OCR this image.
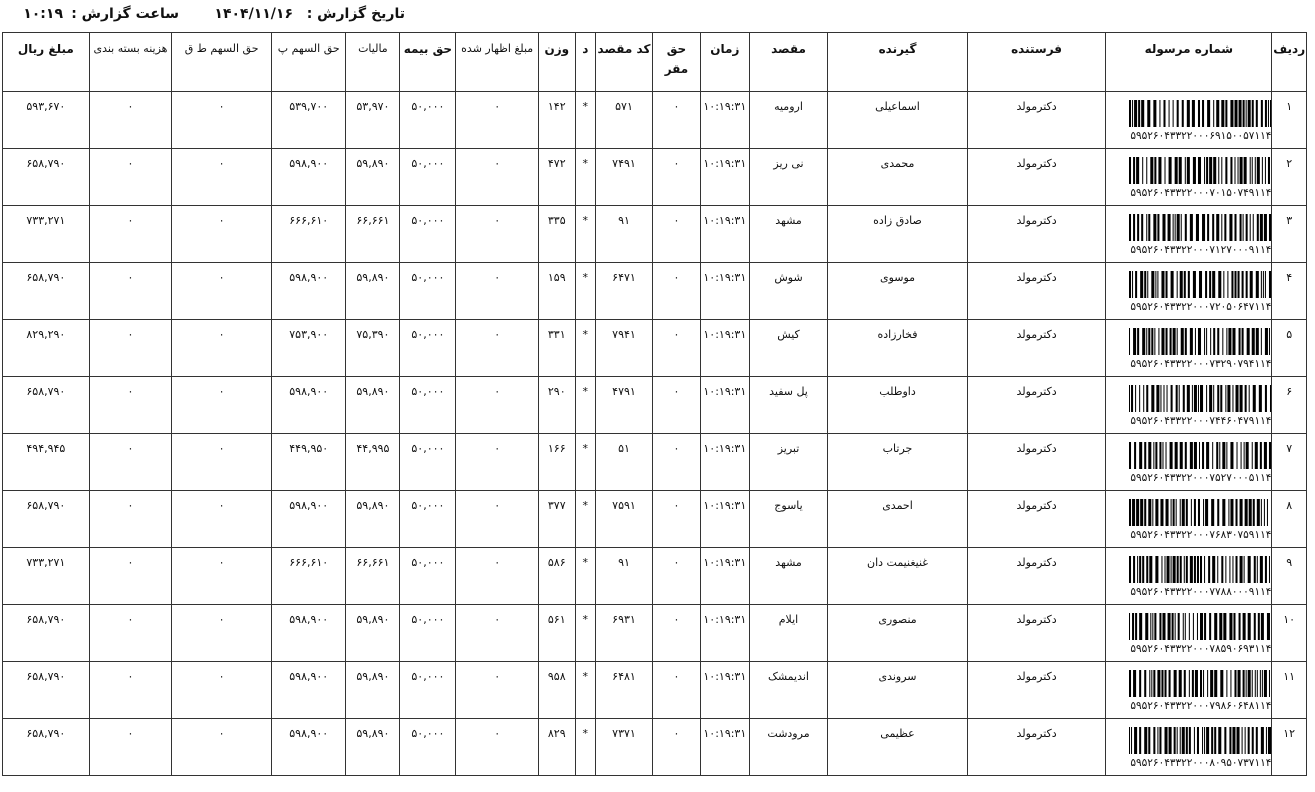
تاریخ گزارش :
۱۴۰۴/۱۱/۱۶
ساعت گزارش :
۱۰:۱۹
ردیف	شماره مرسوله	فرستنده	گیرنده	مقصد	زمان	حق مقر	کد مقصد	د	وزن	مبلغ اظهار شده	حق بیمه	مالیات	حق السهم پ	حق السهم ط ق	هزینه بسته بندی	مبلغ ریال
۱	۵۹۵۲۶۰۴۳۳۲۲۰۰۰۶۹۱۵۰۰۵۷۱۱۴	دکترمولد	اسماعیلی	ارومیه	۱۰:۱۹:۳۱	۰	۵۷۱	*	۱۴۲	۰	۵۰,۰۰۰	۵۳,۹۷۰	۵۳۹,۷۰۰	۰	۰	۵۹۳,۶۷۰
۲	۵۹۵۲۶۰۴۳۳۲۲۰۰۰۷۰۱۵۰۷۴۹۱۱۴	دکترمولد	محمدی	نی ریز	۱۰:۱۹:۳۱	۰	۷۴۹۱	*	۴۷۲	۰	۵۰,۰۰۰	۵۹,۸۹۰	۵۹۸,۹۰۰	۰	۰	۶۵۸,۷۹۰
۳	۵۹۵۲۶۰۴۳۳۲۲۰۰۰۷۱۲۷۰۰۰۹۱۱۴	دکترمولد	صادق زاده	مشهد	۱۰:۱۹:۳۱	۰	۹۱	*	۳۳۵	۰	۵۰,۰۰۰	۶۶,۶۶۱	۶۶۶,۶۱۰	۰	۰	۷۳۳,۲۷۱
۴	۵۹۵۲۶۰۴۳۳۲۲۰۰۰۷۲۰۵۰۶۴۷۱۱۴	دکترمولد	موسوی	شوش	۱۰:۱۹:۳۱	۰	۶۴۷۱	*	۱۵۹	۰	۵۰,۰۰۰	۵۹,۸۹۰	۵۹۸,۹۰۰	۰	۰	۶۵۸,۷۹۰
۵	۵۹۵۲۶۰۴۳۳۲۲۰۰۰۷۳۲۹۰۷۹۴۱۱۴	دکترمولد	فخارزاده	کیش	۱۰:۱۹:۳۱	۰	۷۹۴۱	*	۳۳۱	۰	۵۰,۰۰۰	۷۵,۳۹۰	۷۵۳,۹۰۰	۰	۰	۸۲۹,۲۹۰
۶	۵۹۵۲۶۰۴۳۳۲۲۰۰۰۷۴۴۶۰۴۷۹۱۱۴	دکترمولد	داوطلب	پل سفید	۱۰:۱۹:۳۱	۰	۴۷۹۱	*	۲۹۰	۰	۵۰,۰۰۰	۵۹,۸۹۰	۵۹۸,۹۰۰	۰	۰	۶۵۸,۷۹۰
۷	۵۹۵۲۶۰۴۳۳۲۲۰۰۰۷۵۲۷۰۰۰۵۱۱۴	دکترمولد	جرتاب	تبریز	۱۰:۱۹:۳۱	۰	۵۱	*	۱۶۶	۰	۵۰,۰۰۰	۴۴,۹۹۵	۴۴۹,۹۵۰	۰	۰	۴۹۴,۹۴۵
۸	۵۹۵۲۶۰۴۳۳۲۲۰۰۰۷۶۸۳۰۷۵۹۱۱۴	دکترمولد	احمدی	یاسوج	۱۰:۱۹:۳۱	۰	۷۵۹۱	*	۳۷۷	۰	۵۰,۰۰۰	۵۹,۸۹۰	۵۹۸,۹۰۰	۰	۰	۶۵۸,۷۹۰
۹	۵۹۵۲۶۰۴۳۳۲۲۰۰۰۷۷۸۸۰۰۰۹۱۱۴	دکترمولد	غنیغنیمت دان	مشهد	۱۰:۱۹:۳۱	۰	۹۱	*	۵۸۶	۰	۵۰,۰۰۰	۶۶,۶۶۱	۶۶۶,۶۱۰	۰	۰	۷۳۳,۲۷۱
۱۰	۵۹۵۲۶۰۴۳۳۲۲۰۰۰۷۸۵۹۰۶۹۳۱۱۴	دکترمولد	منصوری	ایلام	۱۰:۱۹:۳۱	۰	۶۹۳۱	*	۵۶۱	۰	۵۰,۰۰۰	۵۹,۸۹۰	۵۹۸,۹۰۰	۰	۰	۶۵۸,۷۹۰
۱۱	۵۹۵۲۶۰۴۳۳۲۲۰۰۰۷۹۸۶۰۶۴۸۱۱۴	دکترمولد	سروندی	اندیمشک	۱۰:۱۹:۳۱	۰	۶۴۸۱	*	۹۵۸	۰	۵۰,۰۰۰	۵۹,۸۹۰	۵۹۸,۹۰۰	۰	۰	۶۵۸,۷۹۰
۱۲	۵۹۵۲۶۰۴۳۳۲۲۰۰۰۸۰۹۵۰۷۳۷۱۱۴	دکترمولد	عظیمی	مرودشت	۱۰:۱۹:۳۱	۰	۷۳۷۱	*	۸۲۹	۰	۵۰,۰۰۰	۵۹,۸۹۰	۵۹۸,۹۰۰	۰	۰	۶۵۸,۷۹۰
